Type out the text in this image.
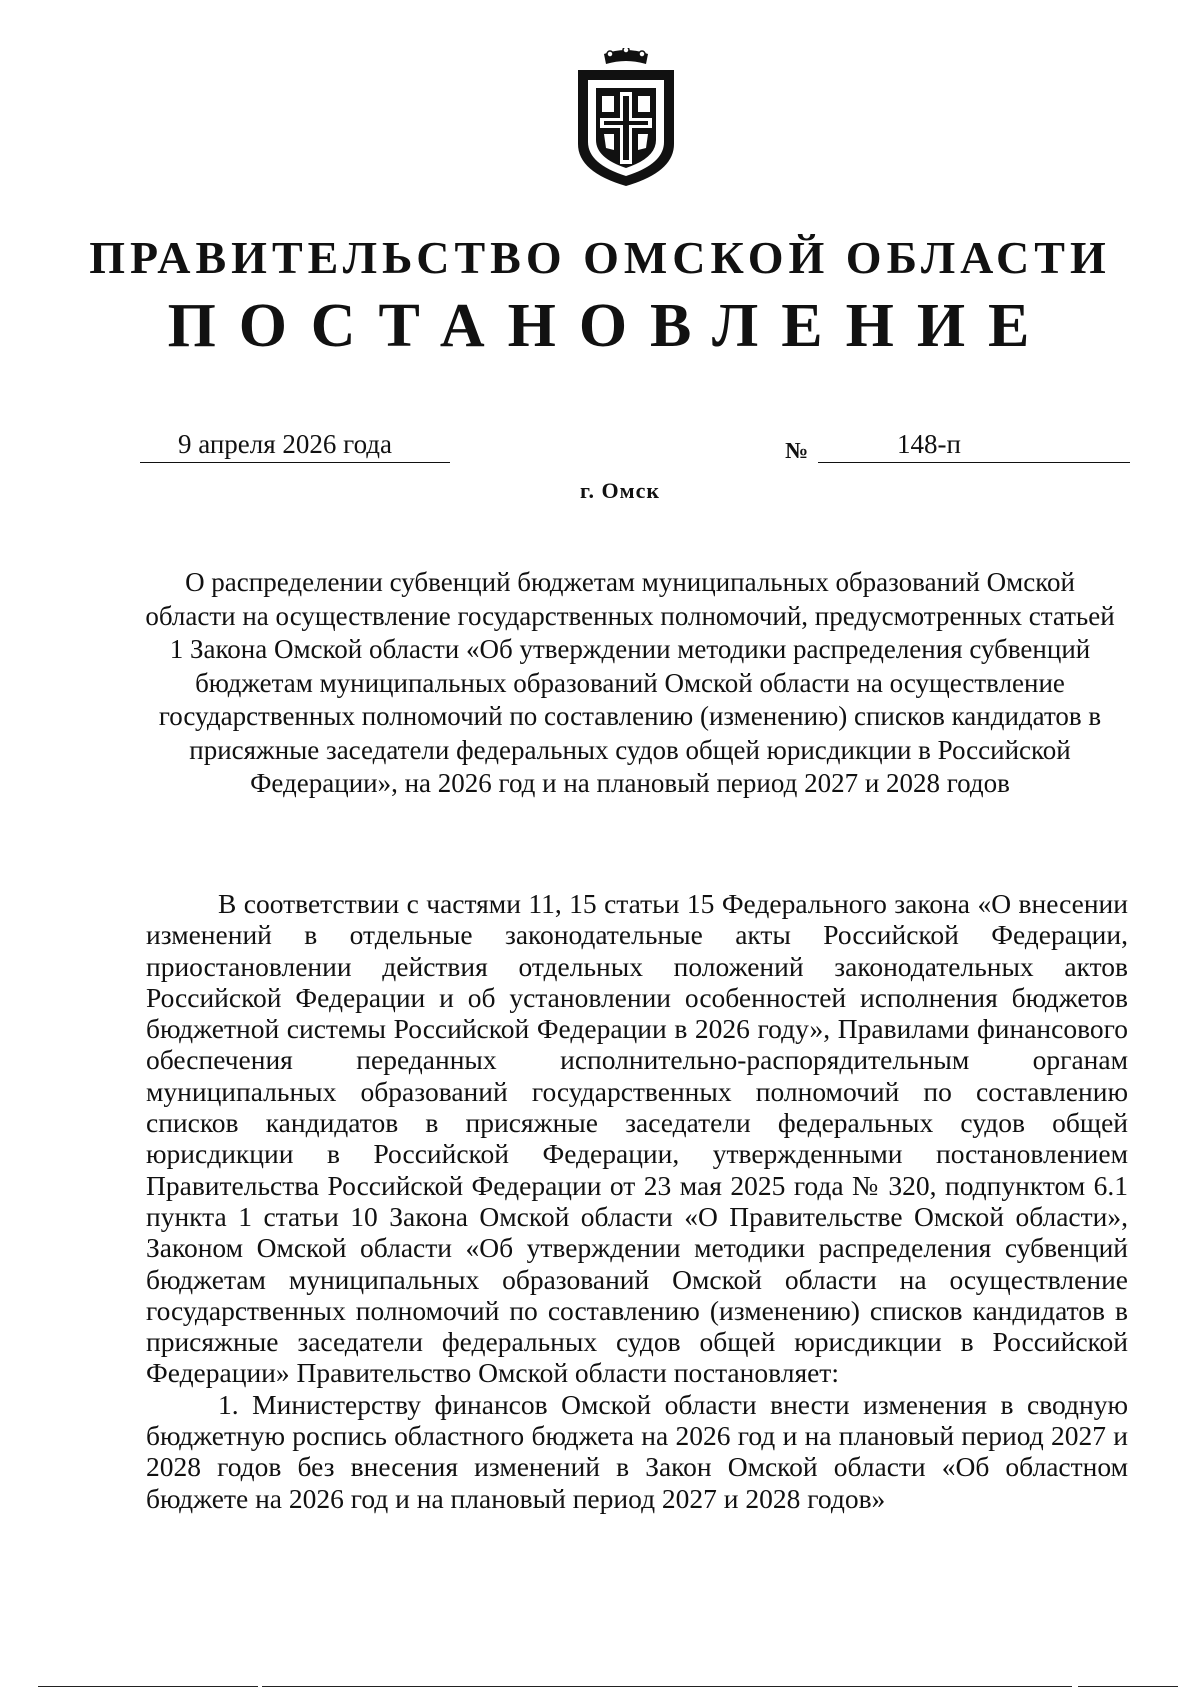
ПРАВИТЕЛЬСТВО ОМСКОЙ ОБЛАСТИ
ПОСТАНОВЛЕНИЕ
9 апреля 2026 года	№	148-п
г. Омск
О распределении субвенций бюджетам муниципальных образований Омской области на осуществление государственных полномочий, предусмотренных статьей 1 Закона Омской области «Об утверждении методики распределения субвенций бюджетам муниципальных образований Омской области на осуществление государственных полномочий по составлению (изменению) списков кандидатов в присяжные заседатели федеральных судов общей юрисдикции в Российской Федерации», на 2026 год и на плановый период 2027 и 2028 годов

В соответствии с частями 11, 15 статьи 15 Федерального закона «О внесении изменений в отдельные законодательные акты Российской Федерации, приостановлении действия отдельных положений законодательных актов Российской Федерации и об установлении особенностей исполнения бюджетов бюджетной системы Российской Федерации в 2026 году», Правилами финансового обеспечения переданных исполнительно-распорядительным органам муниципальных образований государственных полномочий по составлению списков кандидатов в присяжные заседатели федеральных судов общей юрисдикции в Российской Федерации, утвержденными постановлением Правительства Российской Федерации от 23 мая 2025 года № 320, подпунктом 6.1 пункта 1 статьи 10 Закона Омской области «О Правительстве Омской области», Законом Омской области «Об утверждении методики распределения субвенций бюджетам муниципальных образований Омской области на осуществление государственных полномочий по составлению (изменению) списков кандидатов в присяжные заседатели федеральных судов общей юрисдикции в Российской Федерации» Правительство Омской области постановляет:

1. Министерству финансов Омской области внести изменения в сводную бюджетную роспись областного бюджета на 2026 год и на плановый период 2027 и 2028 годов без внесения изменений в Закон Омской области «Об областном бюджете на 2026 год и на плановый период 2027 и 2028 годов»
